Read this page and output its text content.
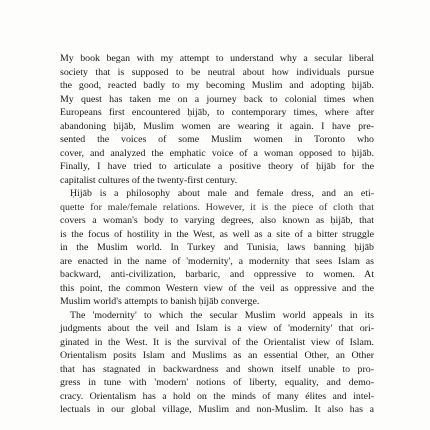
My book began with my attempt to understand why a secular liberal
society that is supposed to be neutral about how individuals pursue
the good, reacted badly to my becoming Muslim and adopting ḥijāb.
My quest has taken me on a journey back to colonial times when
Europeans first encountered ḥijāb, to contemporary times, where after
abandoning ḥijāb, Muslim women are wearing it again. I have pre-
sented the voices of some Muslim women in Toronto who
cover, and analyzed the emphatic voice of a woman opposed to ḥijāb.
Finally, I have tried to articulate a positive theory of ḥijāb for the
capitalist cultures of the twenty-first century.

Ḥijāb is a philosophy about male and female dress, and an eti-
quette for male/female relations. However, it is the piece of cloth that
covers a woman's body to varying degrees, also known as ḥijāb, that
is the focus of hostility in the West, as well as a site of a bitter struggle
in the Muslim world. In Turkey and Tunisia, laws banning ḥijāb
are enacted in the name of 'modernity', a modernity that sees Islam as
backward, anti-civilization, barbaric, and oppressive to women. At
this point, the common Western view of the veil as oppressive and the
Muslim world's attempts to banish ḥijāb converge.

The 'modernity' to which the secular Muslim world appeals in its
judgments about the veil and Islam is a view of 'modernity' that ori-
ginated in the West. It is the survival of the Orientalist view of Islam.
Orientalism posits Islam and Muslims as an essential Other, an Other
that has stagnated in backwardness and shown itself unable to pro-
gress in tune with 'modern' notions of liberty, equality, and demo-
cracy. Orientalism has a hold on the minds of many élites and intel-
lectuals in our global village, Muslim and non-Muslim. It also has a
